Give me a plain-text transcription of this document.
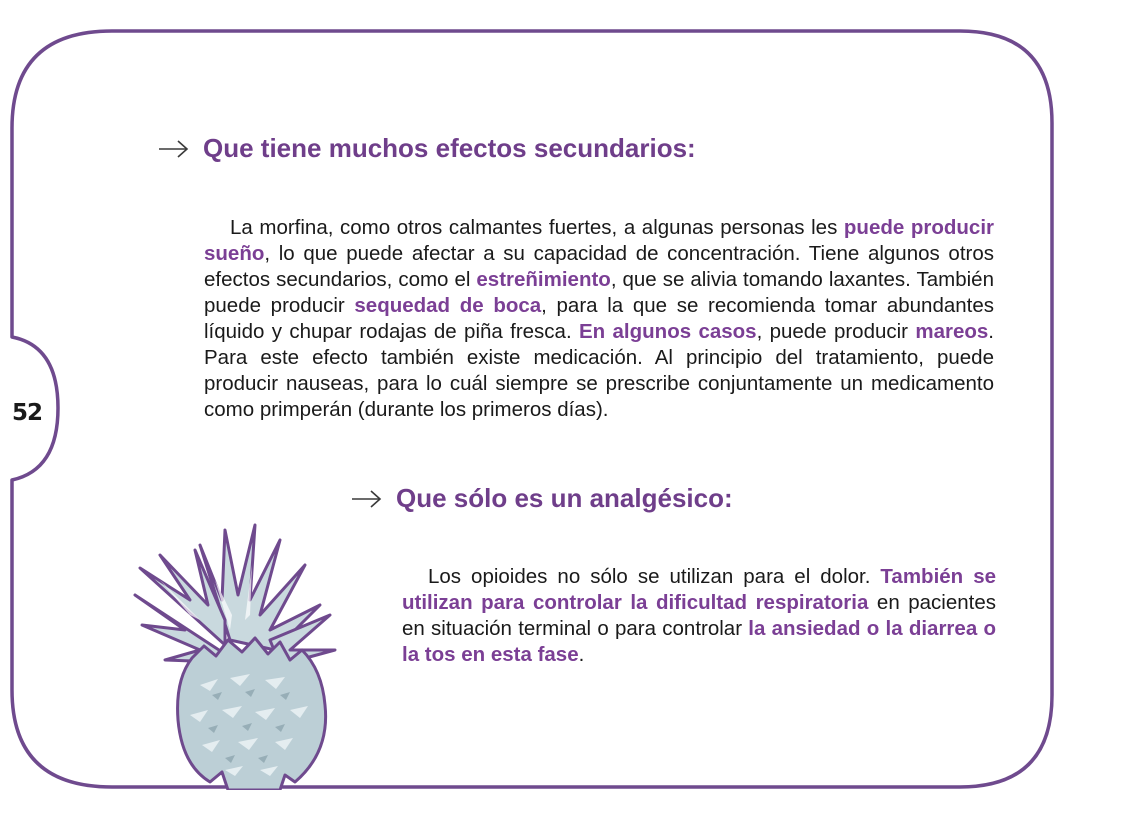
52
Que tiene muchos efectos secundarios:

La morfina, como otros calmantes fuertes, a algunas personas les puede producir sueño, lo que puede afectar a su capacidad de concentración. Tiene algunos otros efectos secundarios, como el estreñimiento, que se alivia tomando laxantes. También puede producir sequedad de boca, para la que se recomienda tomar abundantes líquido y chupar rodajas de piña fresca. En algunos casos, puede producir mareos. Para este efecto también existe medicación. Al principio del tratamiento, puede producir nauseas, para lo cuál siempre se prescribe conjuntamente un medicamento como primperán (durante los primeros días).

Que sólo es un analgésico:

Los opioides no sólo se utilizan para el dolor. También se utilizan para controlar la dificultad respiratoria en pacientes en situación terminal o para controlar la ansiedad o la diarrea o la tos en esta fase.
